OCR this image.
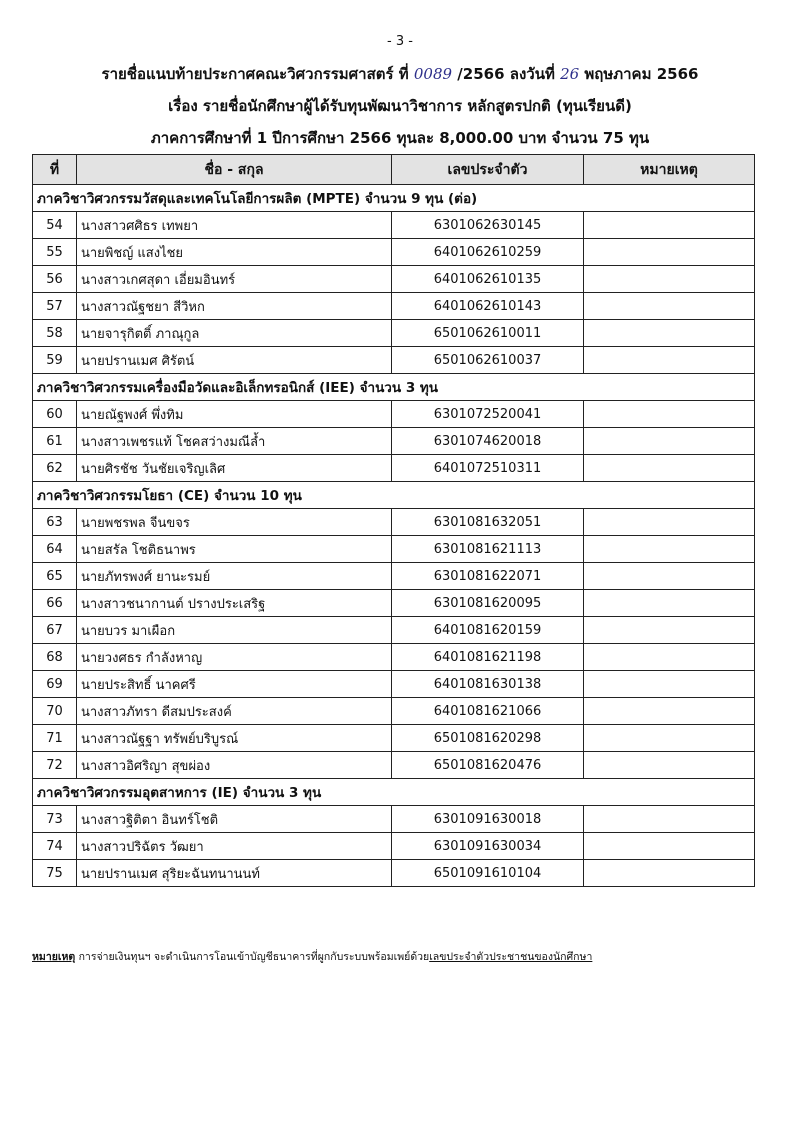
- 3 -
รายชื่อแนบท้ายประกาศคณะวิศวกรรมศาสตร์ ที่ 0089 /2566 ลงวันที่ 26 พฤษภาคม 2566
เรื่อง รายชื่อนักศึกษาผู้ได้รับทุนพัฒนาวิชาการ หลักสูตรปกติ (ทุนเรียนดี)
ภาคการศึกษาที่ 1 ปีการศึกษา 2566 ทุนละ 8,000.00 บาท จำนวน 75 ทุน
ที่	ชื่อ - สกุล	เลขประจำตัว	หมายเหตุ
ภาควิชาวิศวกรรมวัสดุและเทคโนโลยีการผลิต (MPTE) จำนวน 9 ทุน (ต่อ)			
54	นางสาวศศิธร เทพยา	6301062630145	
55	นายพิชญ์ แสงไชย	6401062610259	
56	นางสาวเกศสุดา เอี่ยมอินทร์	6401062610135	
57	นางสาวณัฐชยา สีวิหก	6401062610143	
58	นายจารุกิตติ์ ภาณุกูล	6501062610011	
59	นายปรานเมศ ศิรัตน์	6501062610037	
ภาควิชาวิศวกรรมเครื่องมือวัดและอิเล็กทรอนิกส์ (IEE) จำนวน 3 ทุน			
60	นายณัฐพงศ์ พึ่งทิม	6301072520041	
61	นางสาวเพชรแท้ โชคสว่างมณีล้ำ	6301074620018	
62	นายศิรชัช วันชัยเจริญเลิศ	6401072510311	
ภาควิชาวิศวกรรมโยธา (CE) จำนวน 10 ทุน			
63	นายพชรพล จีนขจร	6301081632051	
64	นายสรัล โชติธนาพร	6301081621113	
65	นายภัทรพงศ์ ยานะรมย์	6301081622071	
66	นางสาวชนากานต์ ปรางประเสริฐ	6301081620095	
67	นายบวร มาเผือก	6401081620159	
68	นายวงศธร กำลังหาญ	6401081621198	
69	นายประสิทธิ์ นาคศรี	6401081630138	
70	นางสาวภัทรา ดีสมประสงค์	6401081621066	
71	นางสาวณัฐฐา ทรัพย์บริบูรณ์	6501081620298	
72	นางสาวอิศริญา สุขผ่อง	6501081620476	
ภาควิชาวิศวกรรมอุตสาหการ (IE) จำนวน 3 ทุน			
73	นางสาวฐิติตา อินทร์โชติ	6301091630018	
74	นางสาวปริฉัตร วัฒยา	6301091630034	
75	นายปรานเมศ สุริยะฉันทนานนท์	6501091610104	
หมายเหตุ การจ่ายเงินทุนฯ จะดำเนินการโอนเข้าบัญชีธนาคารที่ผูกกับระบบพร้อมเพย์ด้วยเลขประจำตัวประชาชนของนักศึกษา
